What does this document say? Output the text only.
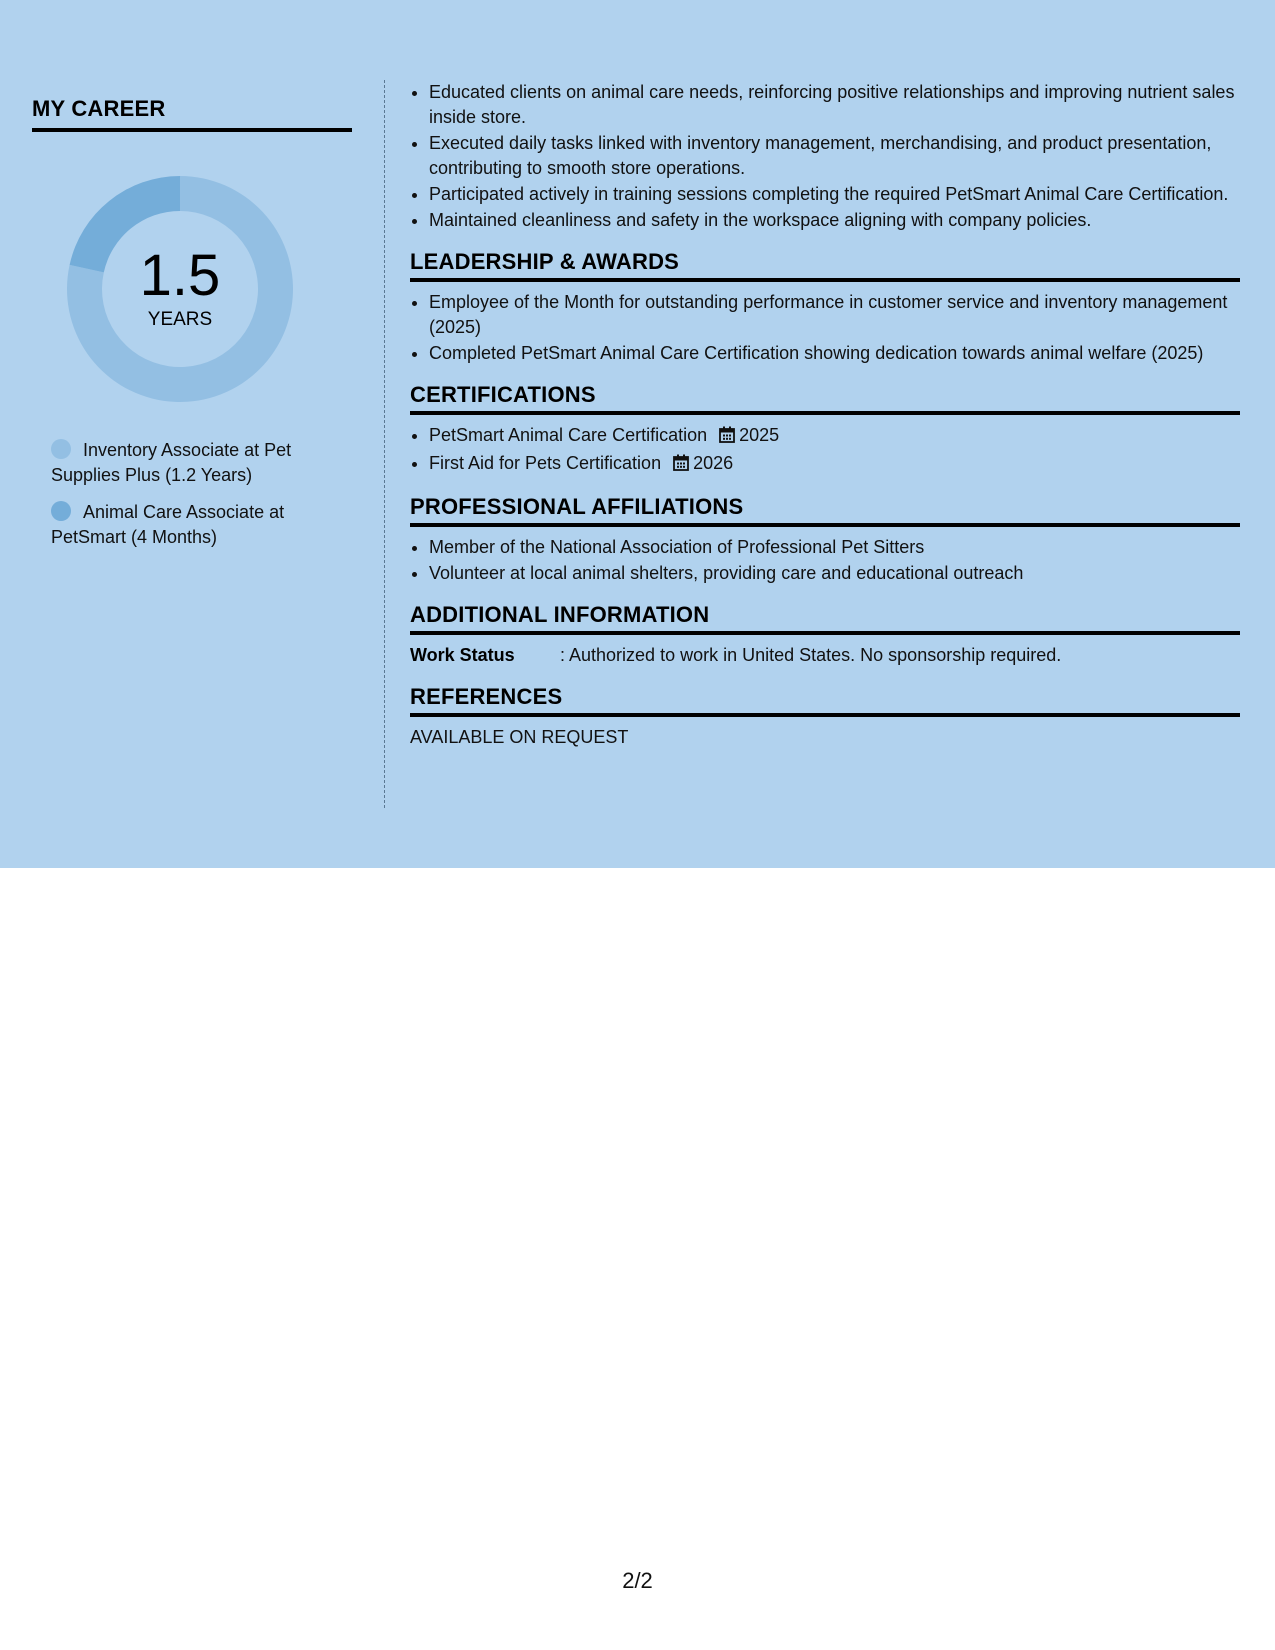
MY CAREER
1.5
YEARS
Inventory Associate at Pet Supplies Plus (1.2 Years)
Animal Care Associate at PetSmart (4 Months)
• Educated clients on animal care needs, reinforcing positive relationships and improving nutrient sales inside store.
• Executed daily tasks linked with inventory management, merchandising, and product presentation, contributing to smooth store operations.
• Participated actively in training sessions completing the required PetSmart Animal Care Certification.
• Maintained cleanliness and safety in the workspace aligning with company policies.
LEADERSHIP & AWARDS
• Employee of the Month for outstanding performance in customer service and inventory management (2025)
• Completed PetSmart Animal Care Certification showing dedication towards animal welfare (2025)
CERTIFICATIONS
• PetSmart Animal Care Certification 2025
• First Aid for Pets Certification 2026
PROFESSIONAL AFFILIATIONS
• Member of the National Association of Professional Pet Sitters
• Volunteer at local animal shelters, providing care and educational outreach
ADDITIONAL INFORMATION
Work Status	: Authorized to work in United States. No sponsorship required.
REFERENCES
AVAILABLE ON REQUEST
2/2
